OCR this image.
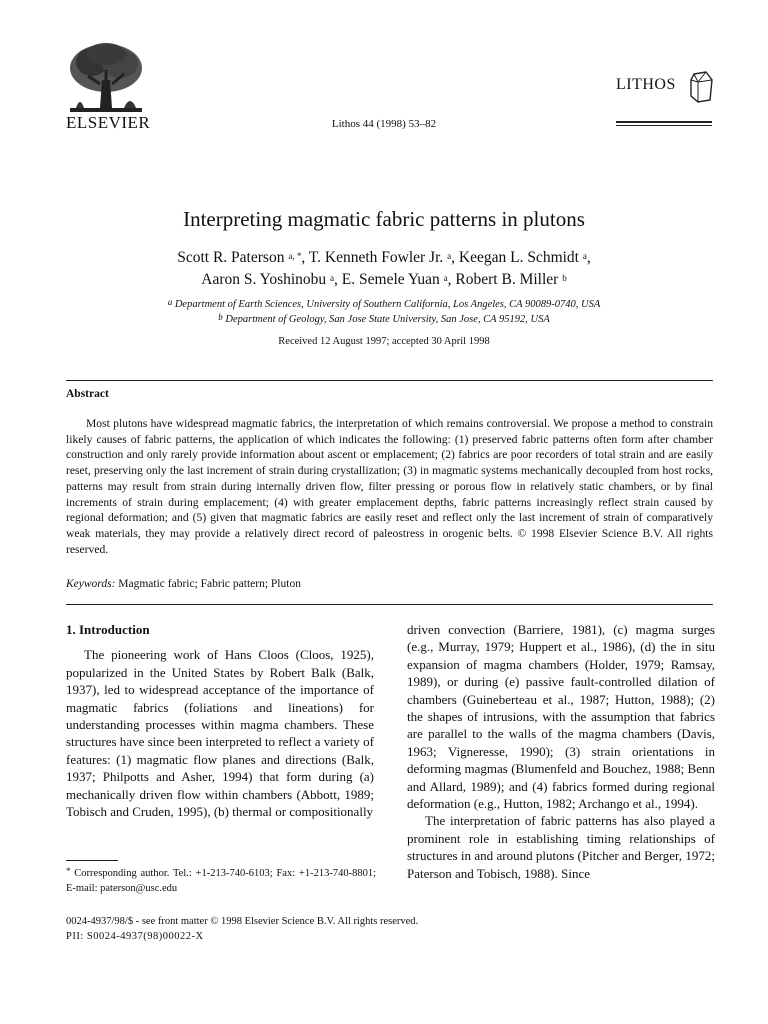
ELSEVIER	Lithos 44 (1998) 53–82
LITHOS
Interpreting magmatic fabric patterns in plutons
Scott R. Paterson $^{a, *}$, T. Kenneth Fowler Jr. $^a$, Keegan L. Schmidt $^a$,
Aaron S. Yoshinobu $^a$, E. Semele Yuan $^a$, Robert B. Miller $^b$
$^a$ Department of Earth Sciences, University of Southern California, Los Angeles, CA 90089-0740, USA
$^b$ Department of Geology, San Jose State University, San Jose, CA 95192, USA
Received 12 August 1997; accepted 30 April 1998
Abstract
Most plutons have widespread magmatic fabrics, the interpretation of which remains controversial. We propose a method to constrain likely causes of fabric patterns, the application of which indicates the following: (1) preserved fabric patterns often form after chamber construction and only rarely provide information about ascent or emplacement; (2) fabrics are poor recorders of total strain and are easily reset, preserving only the last increment of strain during crystallization; (3) in magmatic systems mechanically decoupled from host rocks, patterns may result from strain during internally driven flow, filter pressing or porous flow in relatively static chambers, or by final increments of strain during emplacement; (4) with greater emplacement depths, fabric patterns increasingly reflect strain caused by regional deformation; and (5) given that magmatic fabrics are easily reset and reflect only the last increment of strain of comparatively weak materials, they may provide a relatively direct record of paleostress in orogenic belts. © 1998 Elsevier Science B.V. All rights reserved.
Keywords: Magmatic fabric; Fabric pattern; Pluton
1. Introduction
The pioneering work of Hans Cloos (Cloos, 1925), popularized in the United States by Robert Balk (Balk, 1937), led to widespread acceptance of the importance of magmatic fabrics (foliations and lineations) for understanding processes within magma chambers. These structures have since been interpreted to reflect a variety of features: (1) magmatic flow planes and directions (Balk, 1937; Philpotts and Asher, 1994) that form during (a) mechanically driven flow within chambers (Abbott, 1989; Tobisch and Cruden, 1995), (b) thermal or compositionally
driven convection (Barriere, 1981), (c) magma surges (e.g., Murray, 1979; Huppert et al., 1986), (d) the in situ expansion of magma chambers (Holder, 1979; Ramsay, 1989), or during (e) passive fault-controlled dilation of chambers (Guineberteau et al., 1987; Hutton, 1988); (2) the shapes of intrusions, with the assumption that fabrics are parallel to the walls of the magma chambers (Davis, 1963; Vigneresse, 1990); (3) strain orientations in deforming magmas (Blumenfeld and Bouchez, 1988; Benn and Allard, 1989); and (4) fabrics formed during regional deformation (e.g., Hutton, 1982; Archango et al., 1994).
The interpretation of fabric patterns has also played a prominent role in establishing timing relationships of structures in and around plutons (Pitcher and Berger, 1972; Paterson and Tobisch, 1988). Since
* Corresponding author. Tel.: +1-213-740-6103; Fax: +1-213-740-8801; E-mail: paterson@usc.edu
0024-4937/98/$ - see front matter © 1998 Elsevier Science B.V. All rights reserved.
PII: S0024-4937(98)00022-X
